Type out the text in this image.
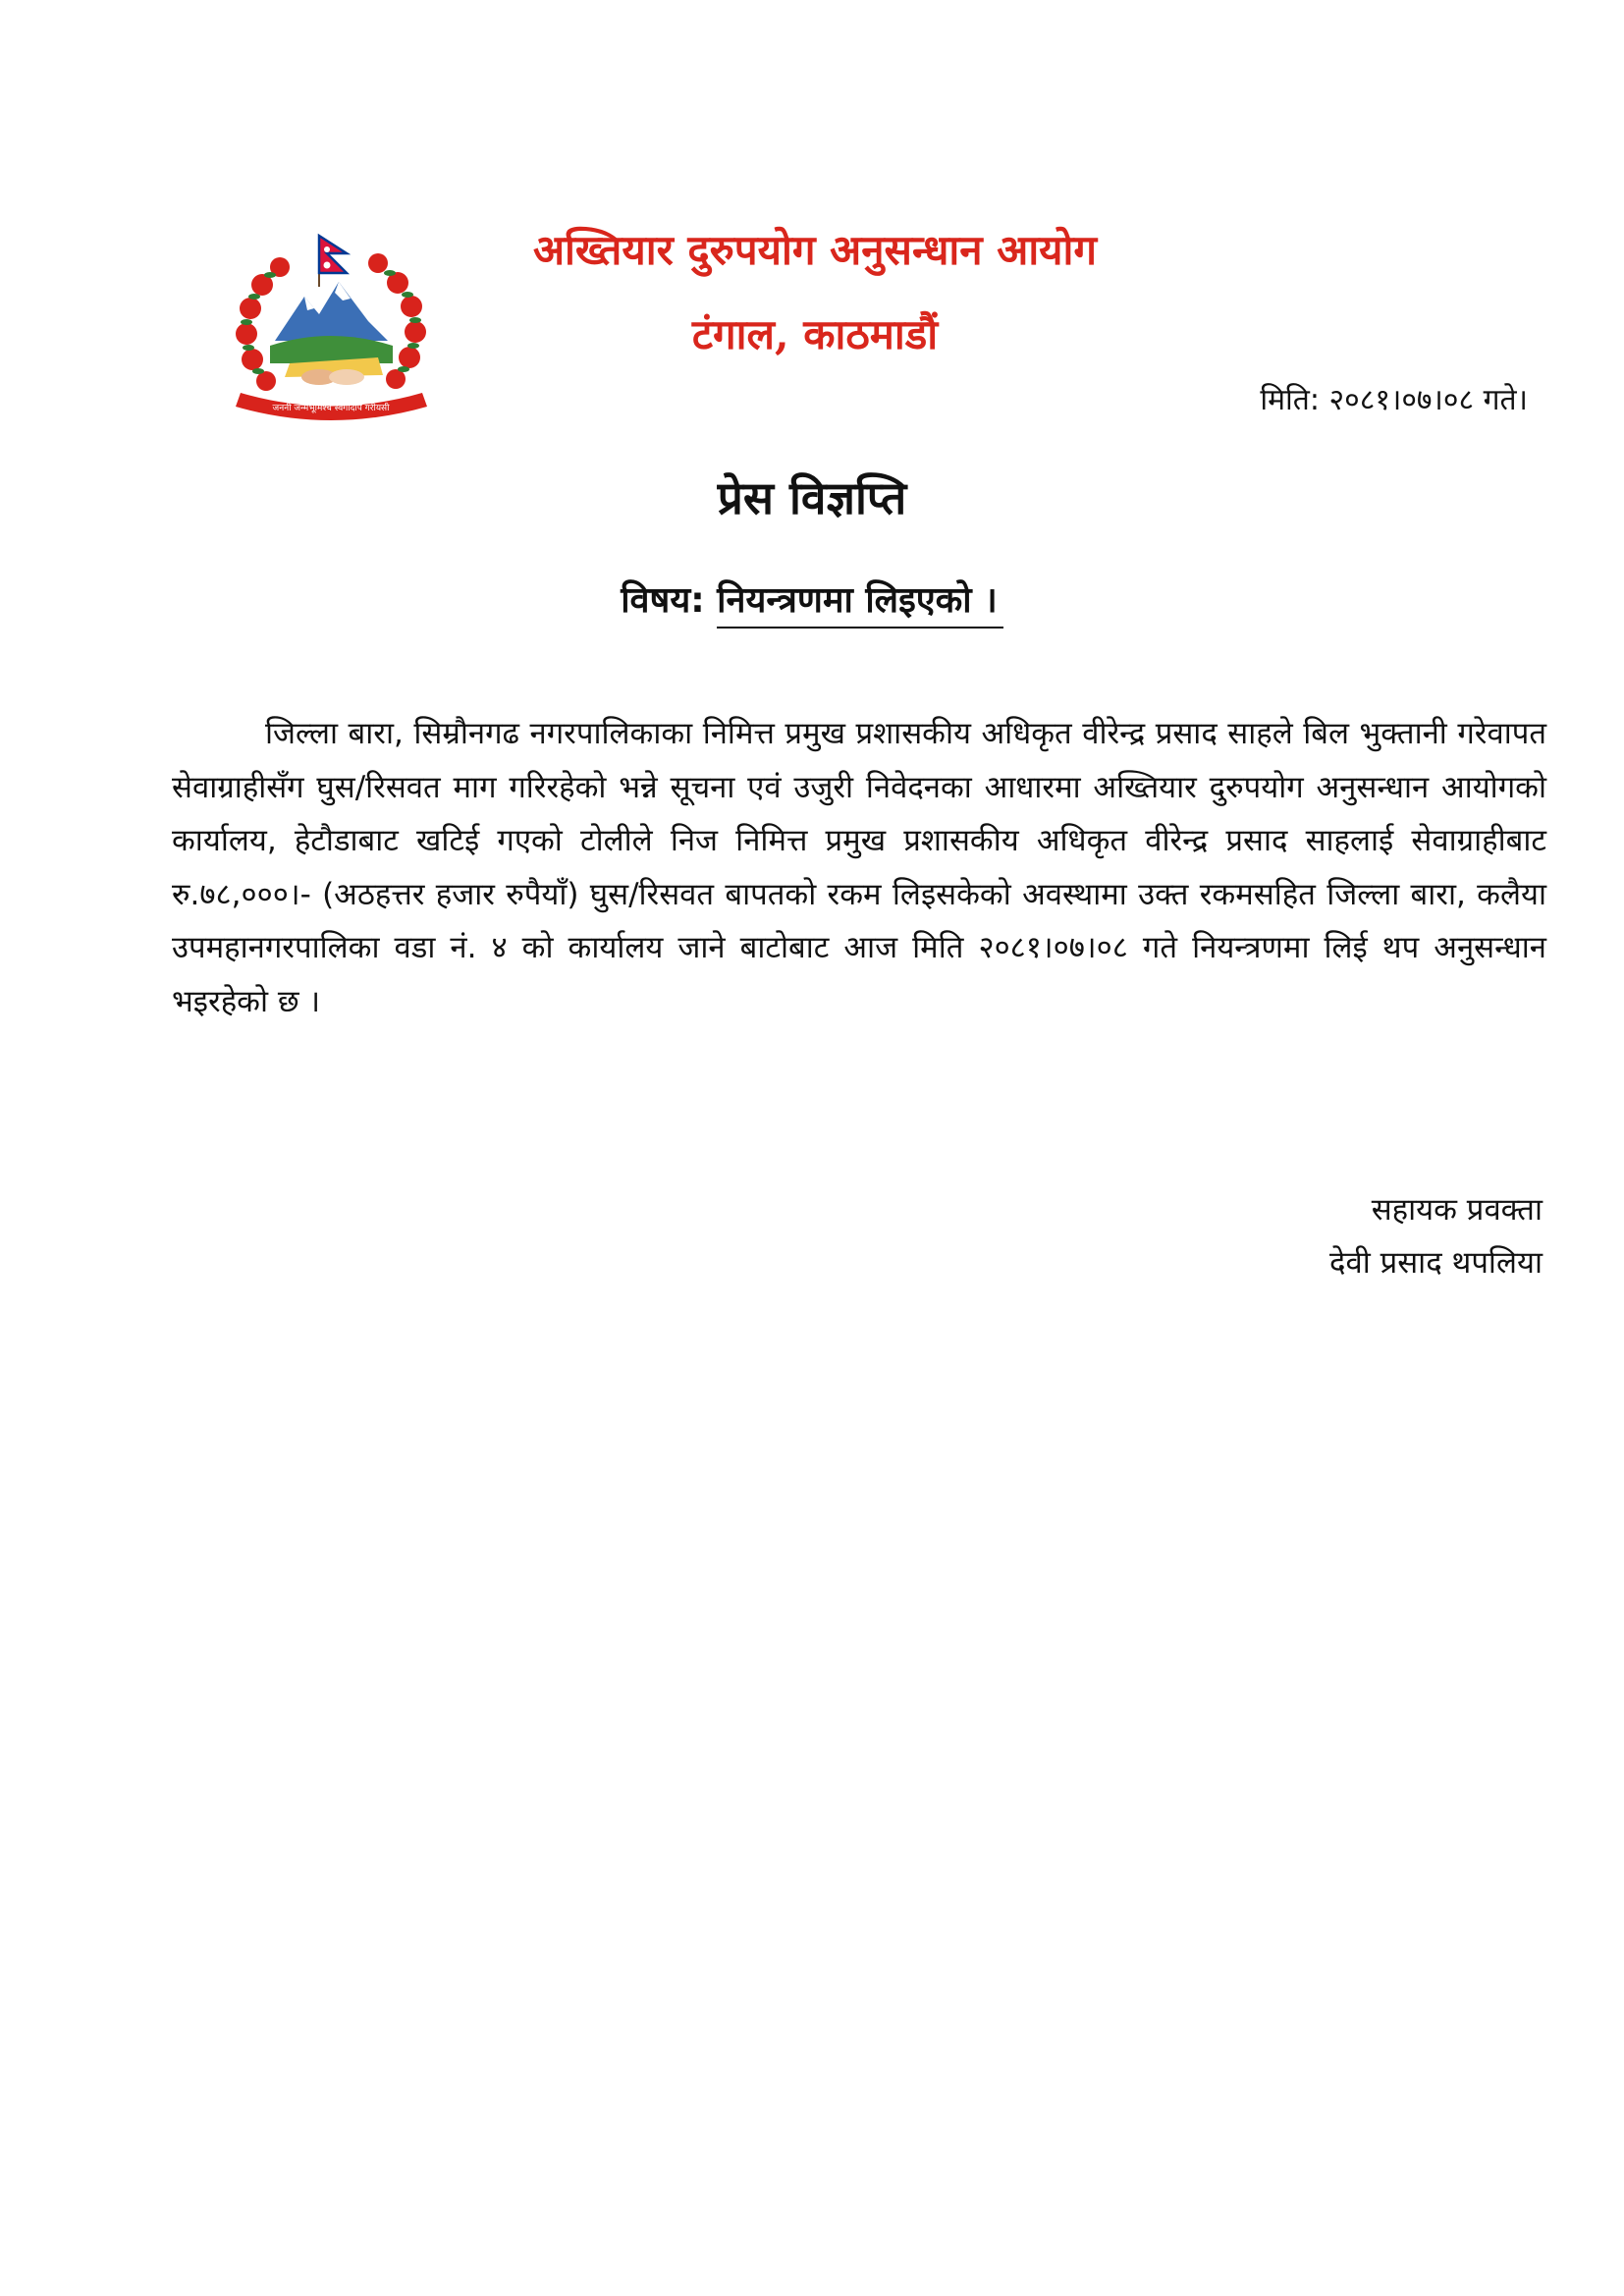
जननी जन्मभूमिश्च स्वर्गादपि गरीयसी
अख्तियार दुरुपयोग अनुसन्धान आयोग
टंगाल, काठमाडौं
मिति: २०८१।०७।०८ गते।
प्रेस विज्ञप्ति
विषय: नियन्त्रणमा लिइएको ।

जिल्ला बारा, सिम्रौनगढ नगरपालिकाका निमित्त प्रमुख प्रशासकीय अधिकृत वीरेन्द्र प्रसाद साहले बिल भुक्तानी गरेवापत सेवाग्राहीसँग घुस/रिसवत माग गरिरहेको भन्ने सूचना एवं उजुरी निवेदनका आधारमा अख्तियार दुरुपयोग अनुसन्धान आयोगको कार्यालय, हेटौडाबाट खटिई गएको टोलीले निज निमित्त प्रमुख प्रशासकीय अधिकृत वीरेन्द्र प्रसाद साहलाई सेवाग्राहीबाट रु.७८,०००।- (अठहत्तर हजार रुपैयाँ) घुस/रिसवत बापतको रकम लिइसकेको अवस्थामा उक्त रकमसहित जिल्ला बारा, कलैया उपमहानगरपालिका वडा नं. ४ को कार्यालय जाने बाटोबाट आज मिति २०८१।०७।०८ गते नियन्त्रणमा लिई थप अनुसन्धान भइरहेको छ ।

सहायक प्रवक्ता
देवी प्रसाद थपलिया
